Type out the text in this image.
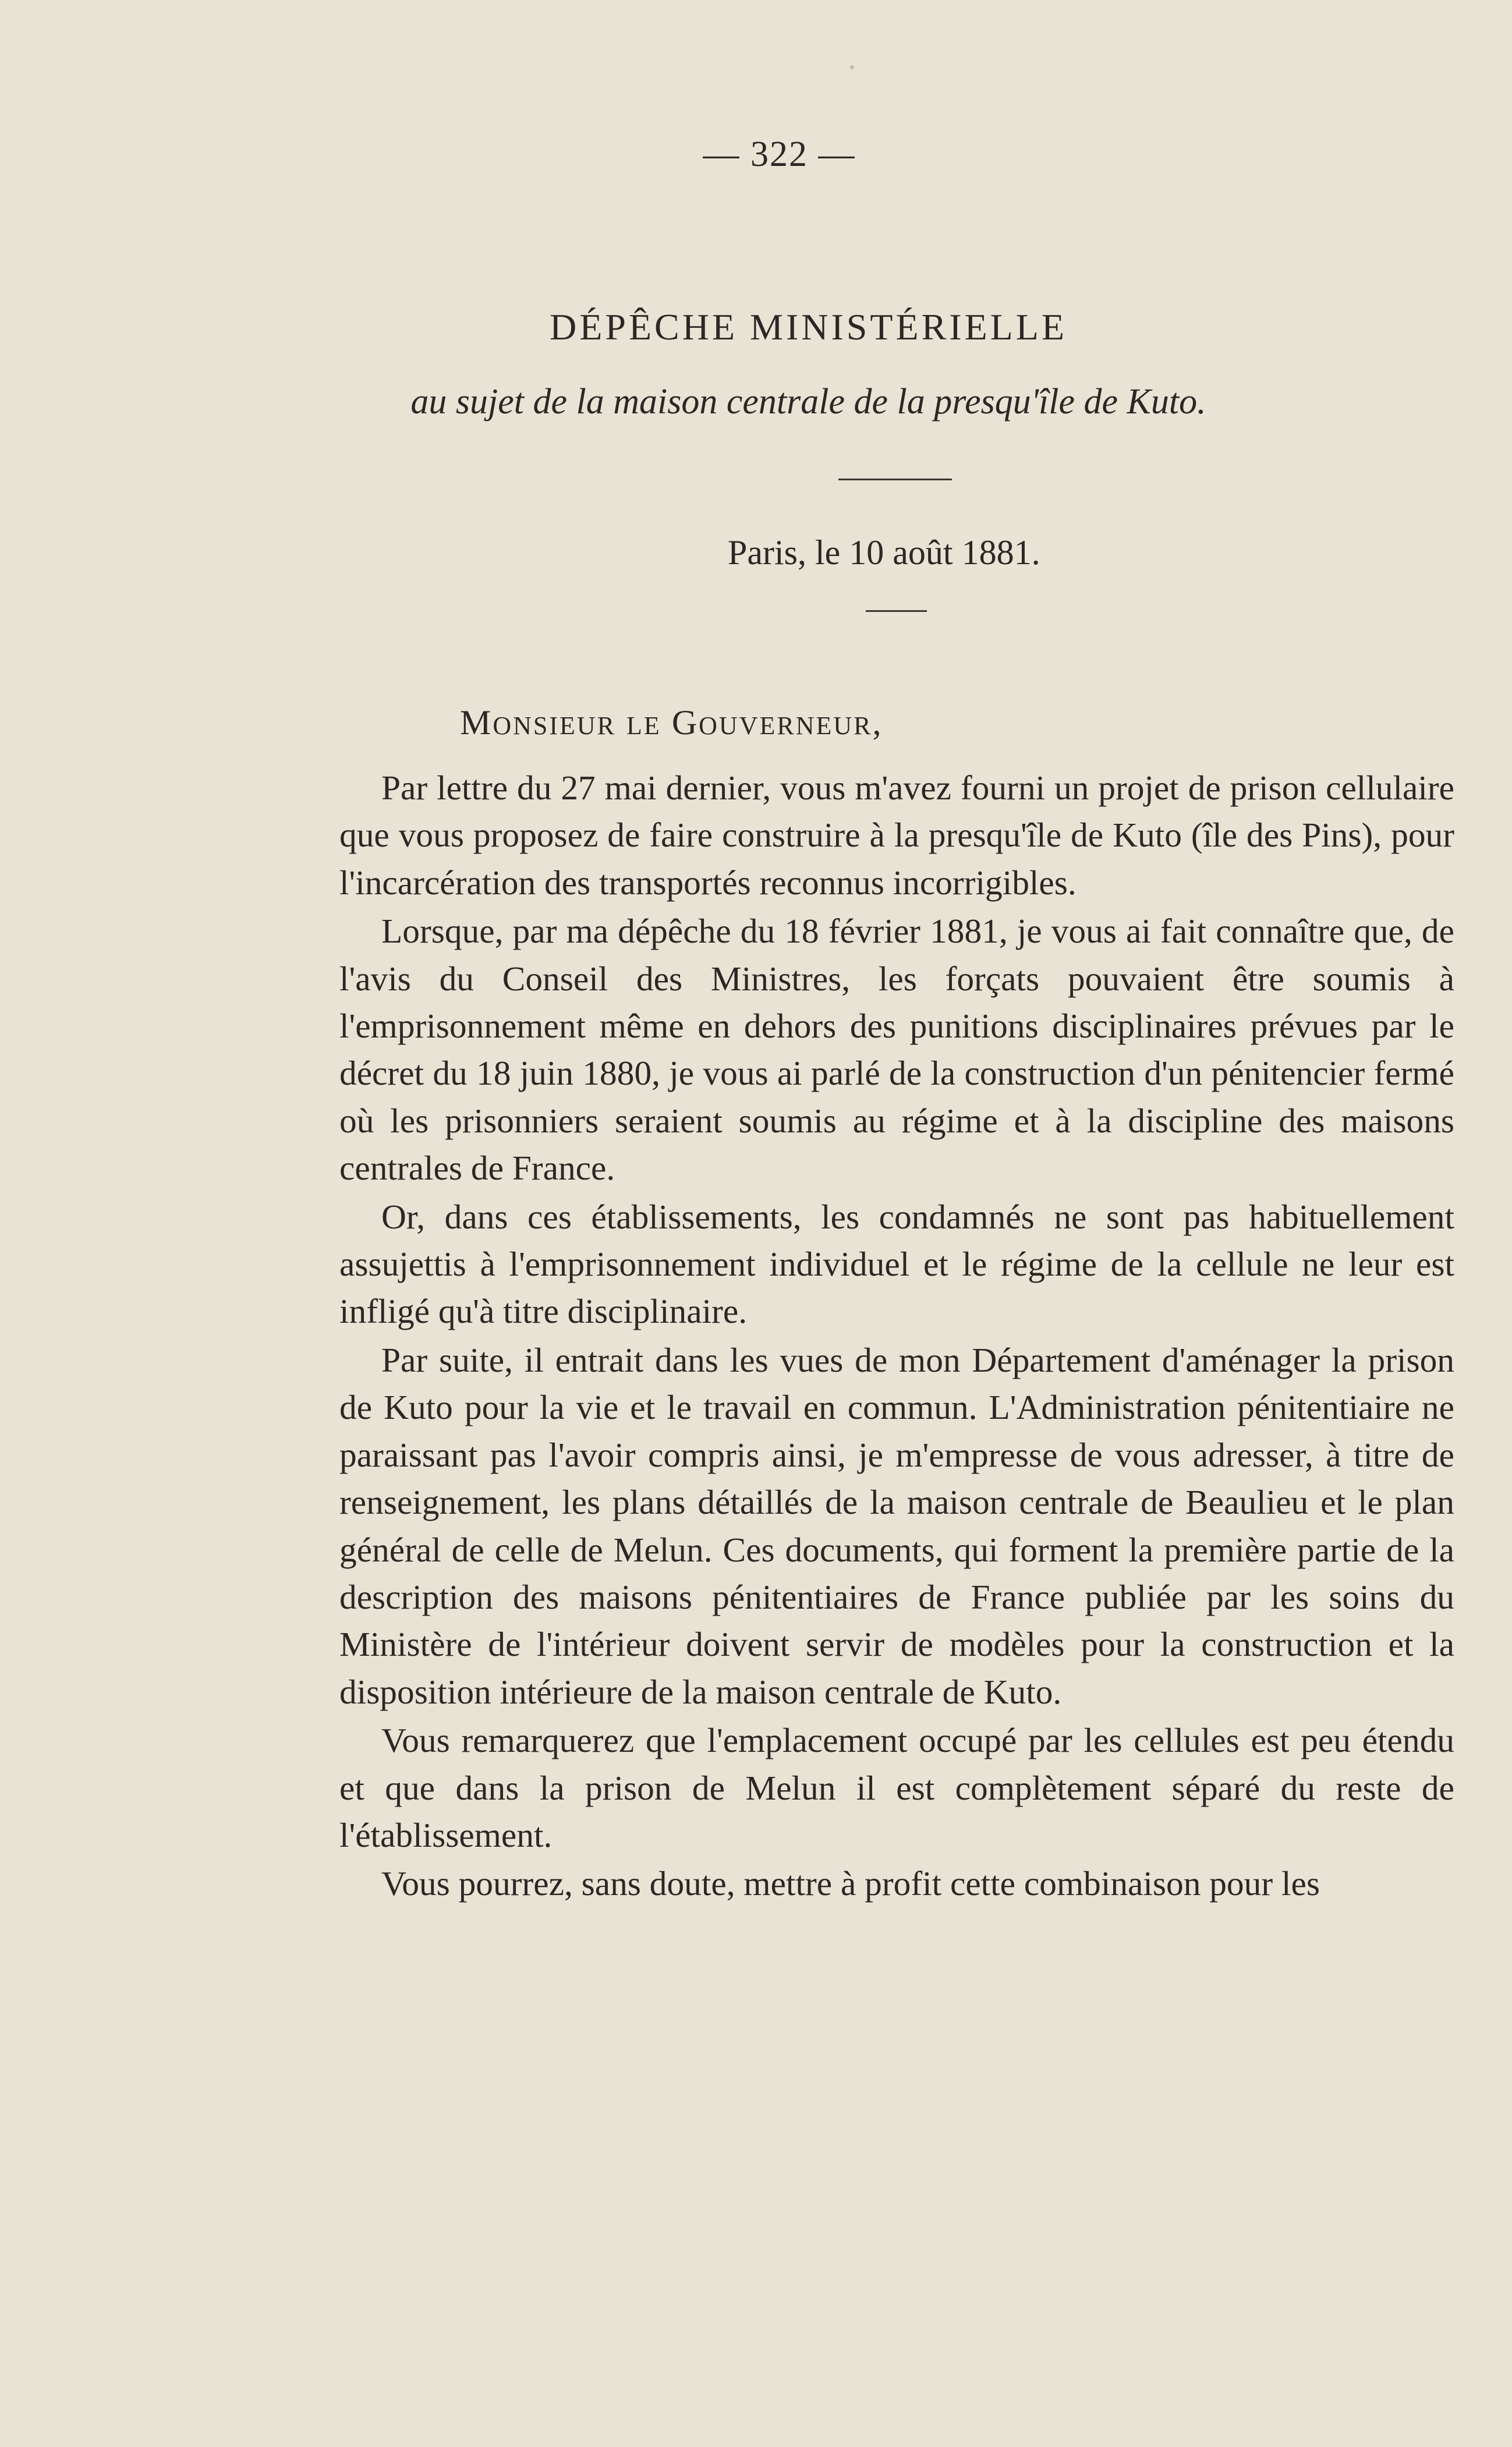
— 322 —
DÉPÊCHE MINISTÉRIELLE
au sujet de la maison centrale de la presqu'île de Kuto.
Paris, le 10 août 1881.
MONSIEUR LE GOUVERNEUR,

Par lettre du 27 mai dernier, vous m'avez fourni un projet de prison cellulaire que vous proposez de faire construire à la presqu'île de Kuto (île des Pins), pour l'incarcération des transportés reconnus incorrigibles.

Lorsque, par ma dépêche du 18 février 1881, je vous ai fait connaître que, de l'avis du Conseil des Ministres, les forçats pouvaient être soumis à l'emprisonnement même en dehors des punitions disciplinaires prévues par le décret du 18 juin 1880, je vous ai parlé de la construction d'un pénitencier fermé où les prisonniers seraient soumis au régime et à la discipline des maisons centrales de France.

Or, dans ces établissements, les condamnés ne sont pas habituellement assujettis à l'emprisonnement individuel et le régime de la cellule ne leur est infligé qu'à titre disciplinaire.

Par suite, il entrait dans les vues de mon Département d'aménager la prison de Kuto pour la vie et le travail en commun. L'Administration pénitentiaire ne paraissant pas l'avoir compris ainsi, je m'empresse de vous adresser, à titre de renseignement, les plans détaillés de la maison centrale de Beaulieu et le plan général de celle de Melun. Ces documents, qui forment la première partie de la description des maisons pénitentiaires de France publiée par les soins du Ministère de l'intérieur doivent servir de modèles pour la construction et la disposition intérieure de la maison centrale de Kuto.

Vous remarquerez que l'emplacement occupé par les cellules est peu étendu et que dans la prison de Melun il est complètement séparé du reste de l'établissement.

Vous pourrez, sans doute, mettre à profit cette combinaison pour les
